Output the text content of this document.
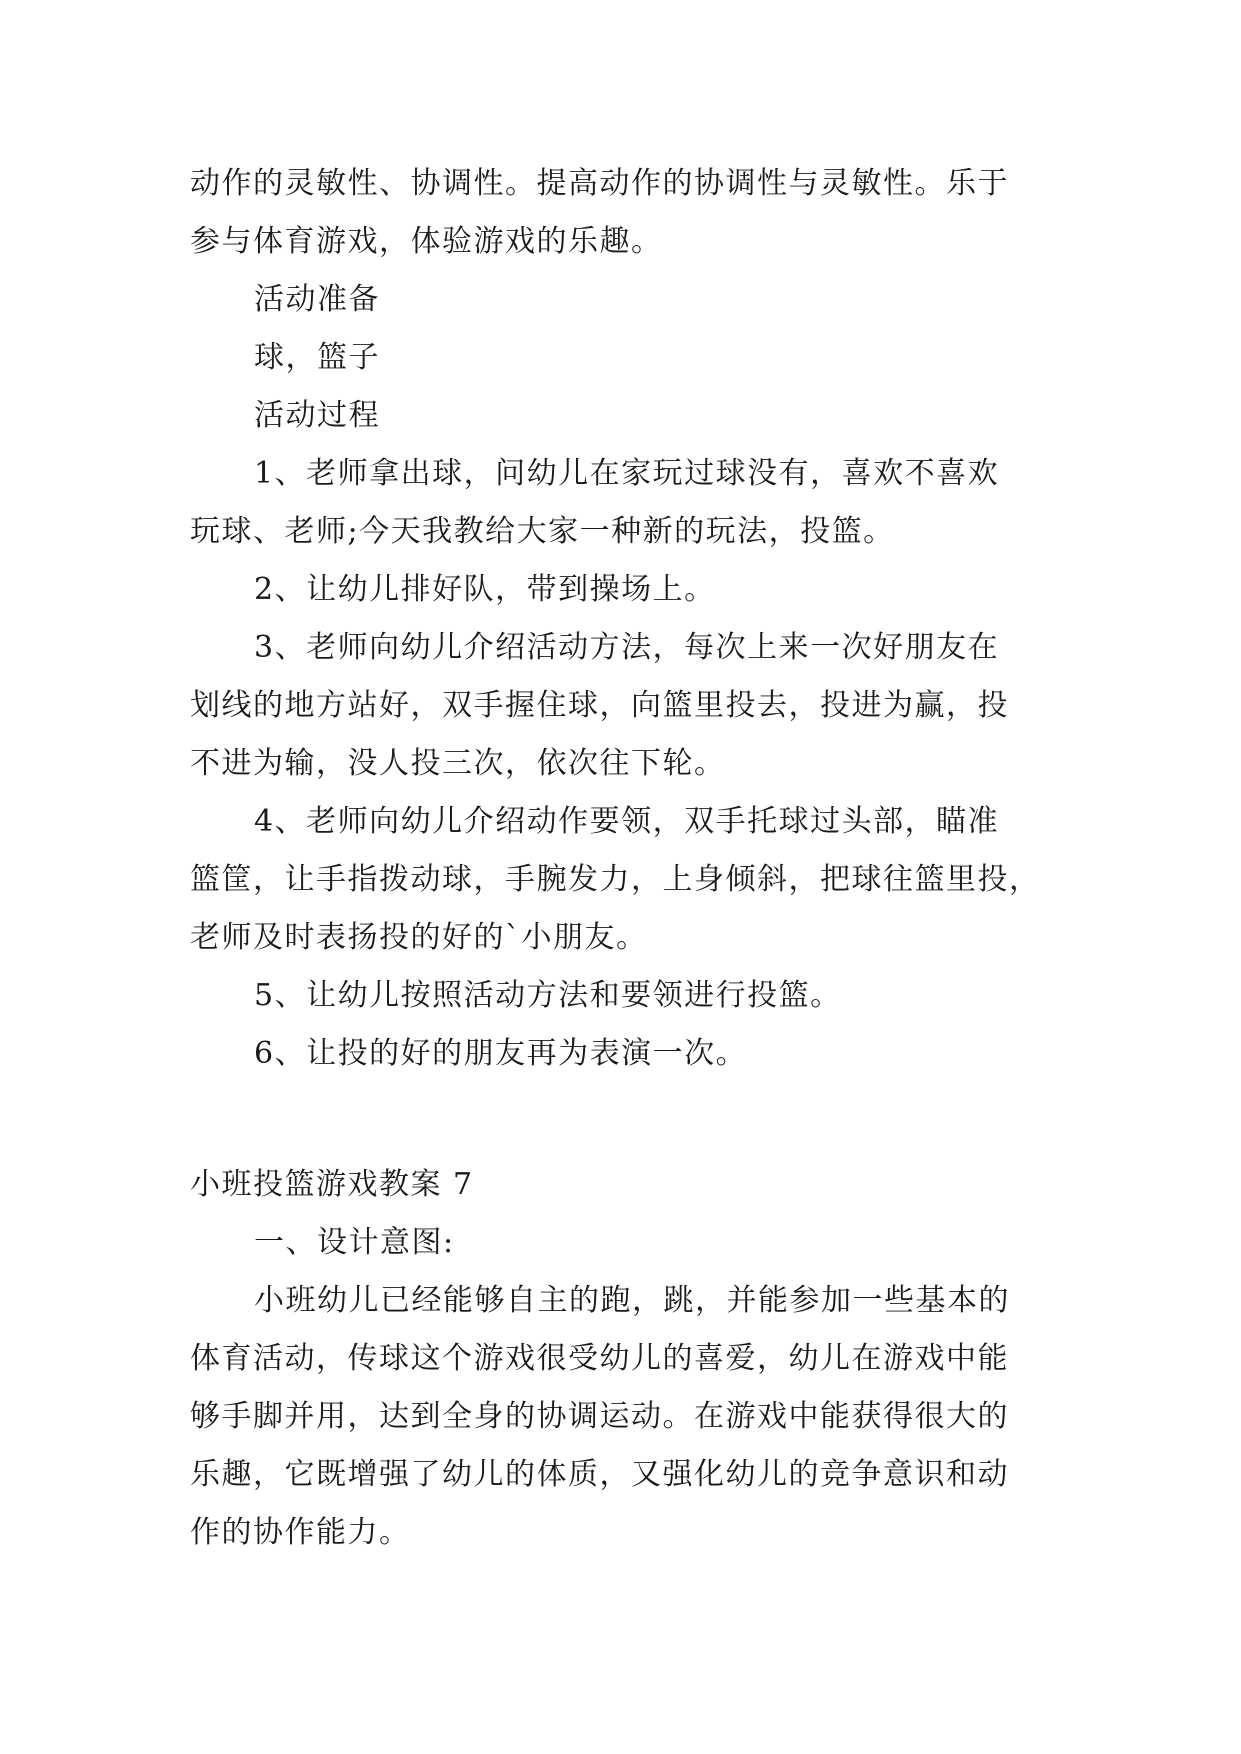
动作的灵敏性、协调性。提高动作的协调性与灵敏性。乐于
参与体育游戏，体验游戏的乐趣。
活动准备
球，篮子
活动过程
1、老师拿出球，问幼儿在家玩过球没有，喜欢不喜欢
玩球、老师;今天我教给大家一种新的玩法，投篮。
2、让幼儿排好队，带到操场上。
3、老师向幼儿介绍活动方法，每次上来一次好朋友在
划线的地方站好，双手握住球，向篮里投去，投进为赢，投
不进为输，没人投三次，依次往下轮。
4、老师向幼儿介绍动作要领，双手托球过头部，瞄准
篮筐，让手指拨动球，手腕发力，上身倾斜，把球往篮里投，
老师及时表扬投的好的`小朋友。
5、让幼儿按照活动方法和要领进行投篮。
6、让投的好的朋友再为表演一次。
小班投篮游戏教案 7
一、设计意图:
小班幼儿已经能够自主的跑，跳，并能参加一些基本的
体育活动，传球这个游戏很受幼儿的喜爱，幼儿在游戏中能
够手脚并用，达到全身的协调运动。在游戏中能获得很大的
乐趣，它既增强了幼儿的体质，又强化幼儿的竞争意识和动
作的协作能力。
